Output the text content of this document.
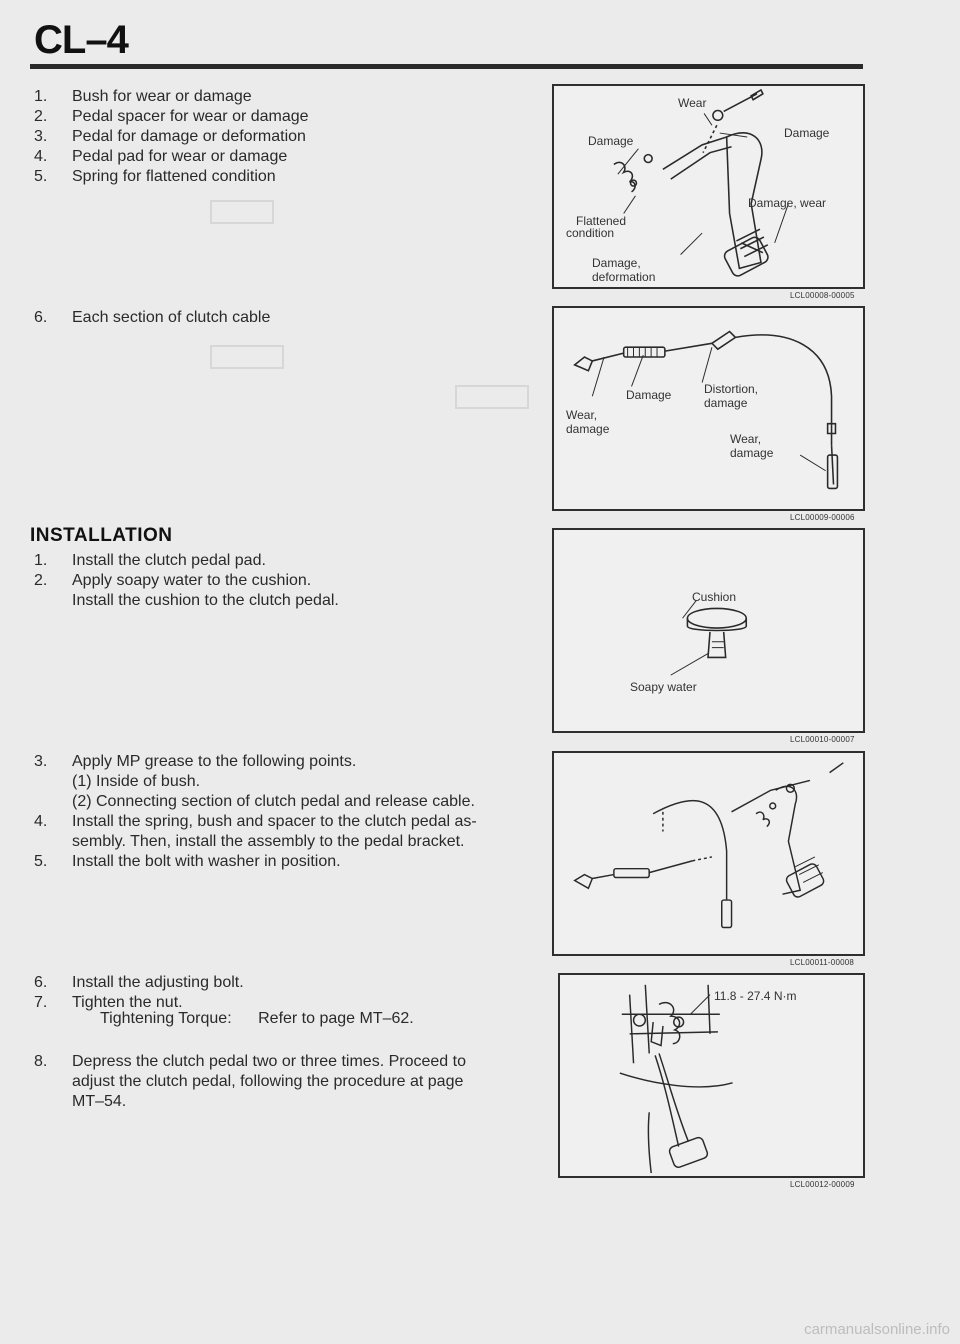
CL–4
1.	Bush for wear or damage
2.	Pedal spacer for wear or damage
3.	Pedal for damage or deformation
4.	Pedal pad for wear or damage
5.	Spring for flattened condition
6.	Each section of clutch cable
INSTALLATION
1.	Install the clutch pedal pad.
2.	Apply soapy water to the cushion.
Install the cushion to the clutch pedal.
3.	Apply MP grease to the following points.
(1) Inside of bush.
(2) Connecting section of clutch pedal and release cable.
4.	Install the spring, bush and spacer to the clutch pedal as-
sembly. Then, install the assembly to the pedal bracket.
5.	Install the bolt with washer in position.
6.	Install the adjusting bolt.
7.	Tighten the nut.
Tightening Torque: Refer to page MT–62.
8.	Depress the clutch pedal two or three times. Proceed to
adjust the clutch pedal, following the procedure at page
MT–54.
Wear
Damage
Damage
Flattened
condition
Damage, wear
Damage,
deformation
LCL00008-00005
Damage	Distortion,
damage
Wear,
damage
Wear,
damage
LCL00009-00006
Cushion
Soapy water
LCL00010-00007
LCL00011-00008
11.8 - 27.4 N·m
LCL00012-00009
carmanualsonline.info
